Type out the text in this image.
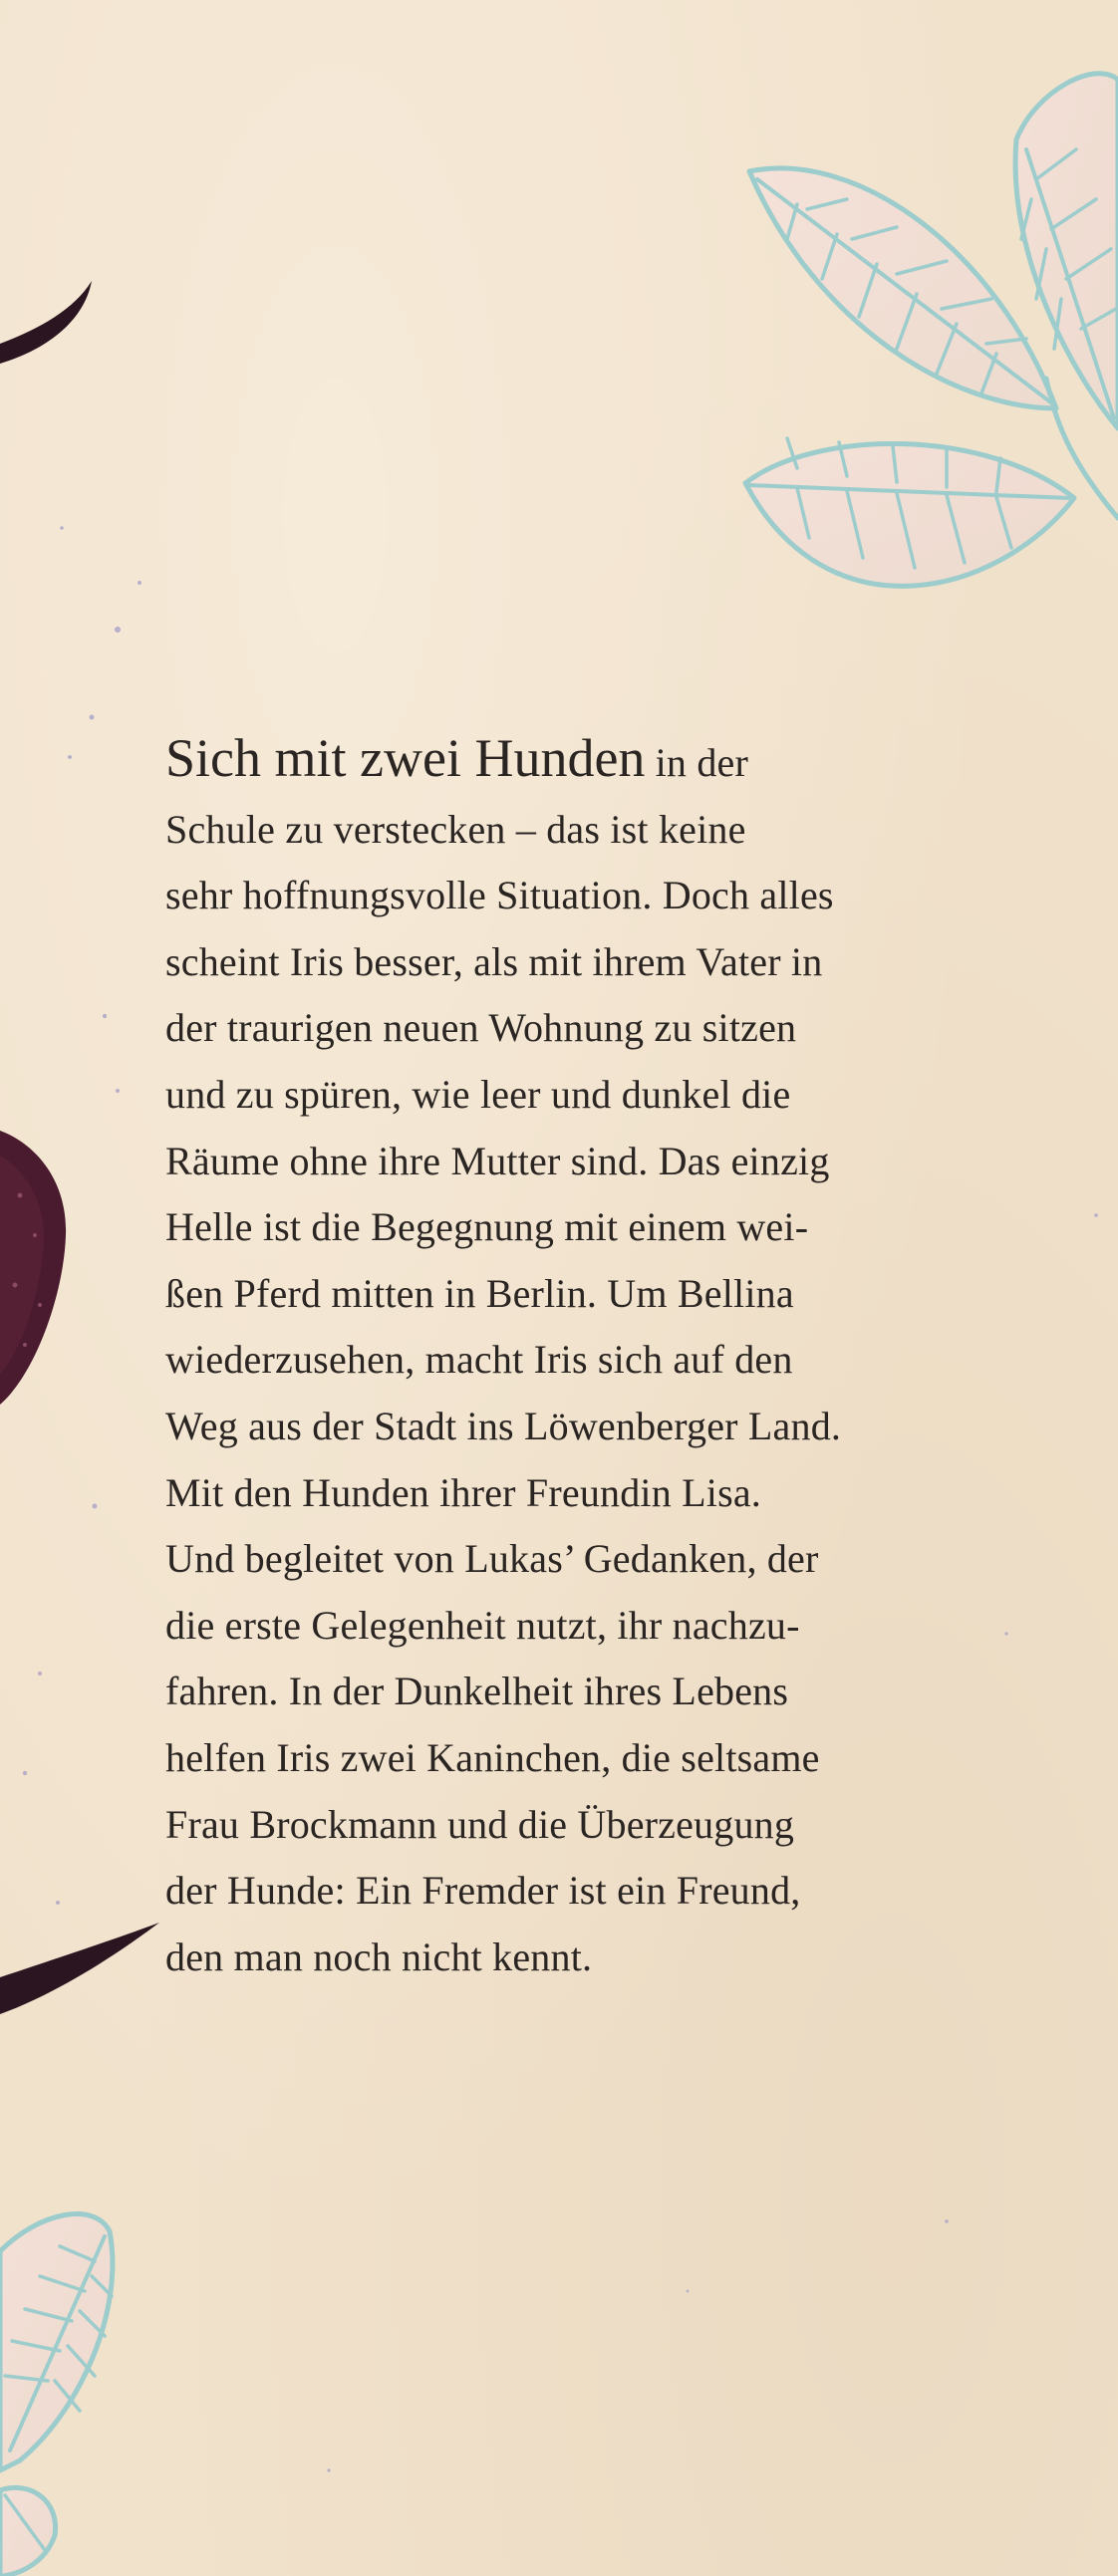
Sich mit zwei Hunden in der
Schule zu verstecken – das ist keine
sehr hoffnungsvolle Situation. Doch alles
scheint Iris besser, als mit ihrem Vater in
der traurigen neuen Wohnung zu sitzen
und zu spüren, wie leer und dunkel die
Räume ohne ihre Mutter sind. Das einzig
Helle ist die Begegnung mit einem wei-
ßen Pferd mitten in Berlin. Um Bellina
wiederzusehen, macht Iris sich auf den
Weg aus der Stadt ins Löwenberger Land.
Mit den Hunden ihrer Freundin Lisa.
Und begleitet von Lukas’ Gedanken, der
die erste Gelegenheit nutzt, ihr nachzu-
fahren. In der Dunkelheit ihres Lebens
helfen Iris zwei Kaninchen, die seltsame
Frau Brockmann und die Überzeugung
der Hunde: Ein Fremder ist ein Freund,
den man noch nicht kennt.
